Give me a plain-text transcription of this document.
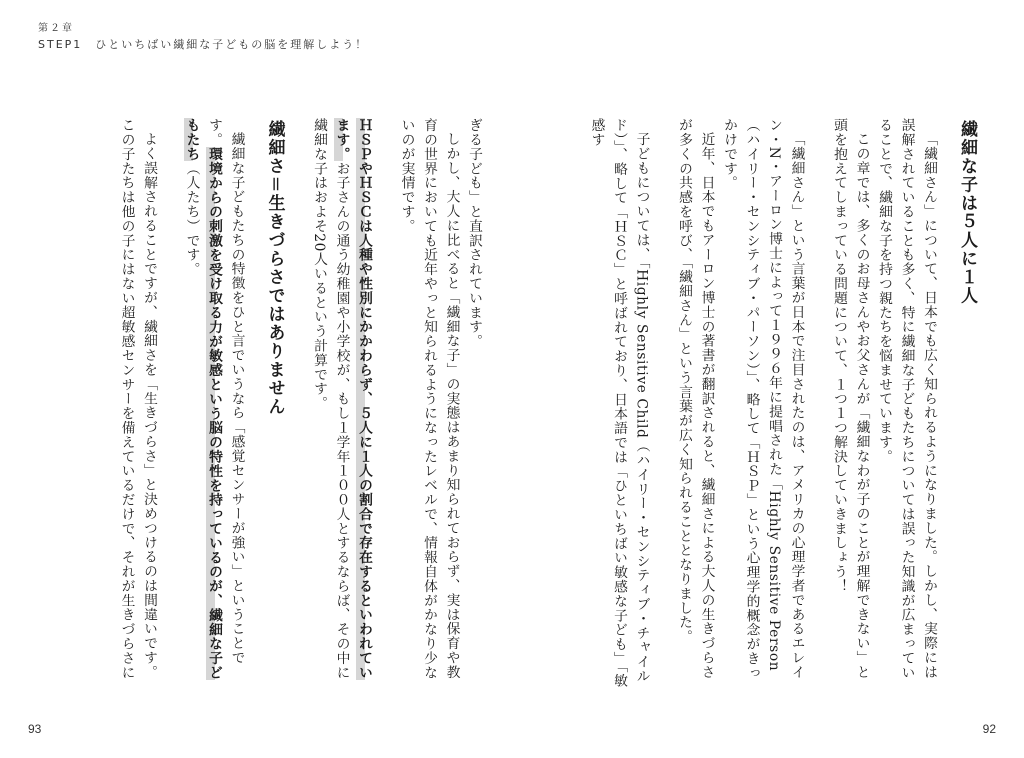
第２章
STEP1　ひといちばい繊細な子どもの脳を理解しよう！
繊細な子は５人に１人

「繊細さん」について、日本でも広く知られるようになりました。しかし、実際には誤解されていることも多く、特に繊細な子どもたちについては誤った知識が広まっていることで、繊細な子を持つ親たちを悩ませています。

この章では、多くのお母さんやお父さんが「繊細なわが子のことが理解できない」と頭を抱えてしまっている問題について、１つ１つ解決していきましょう！

「繊細さん」という言葉が日本で注目されたのは、アメリカの心理学者であるエレイン・N・アーロン博士によって１９９６年に提唱された「Highly Sensitive Person（ハイリー・センシティブ・パーソン）」、略して「ＨＳＰ」という心理学的概念がきっかけです。

近年、日本でもアーロン博士の著書が翻訳されると、繊細さによる大人の生きづらさが多くの共感を呼び、「繊細さん」という言葉が広く知られることとなりました。

子どもについては、「Highly Sensitive Child（ハイリー・センシティブ・チャイルド）」、略して「ＨＳＣ」と呼ばれており、日本語では「ひといちばい敏感な子ども」「敏感す

ぎる子ども」と直訳されています。

しかし、大人に比べると「繊細な子」の実態はあまり知られておらず、実は保育や教育の世界においても近年やっと知られるようになったレベルで、情報自体がかなり少ないのが実情です。

ＨＳＰやＨＳＣは人種や性別にかかわらず、５人に１人の割合で存在するといわれています。お子さんの通う幼稚園や小学校が、もし１学年１００人とするならば、その中に繊細な子はおよそ20人いるという計算です。

繊細さ＝生きづらさではありません

繊細な子どもたちの特徴をひと言でいうなら「感覚センサーが強い」ということです。環境からの刺激を受け取る力が敏感という脳の特性を持っているのが、繊細な子どもたち（人たち）です。

よく誤解されることですが、繊細さを「生きづらさ」と決めつけるのは間違いです。この子たちは他の子にはない超敏感センサーを備えているだけで、それが生きづらさに

93	92
